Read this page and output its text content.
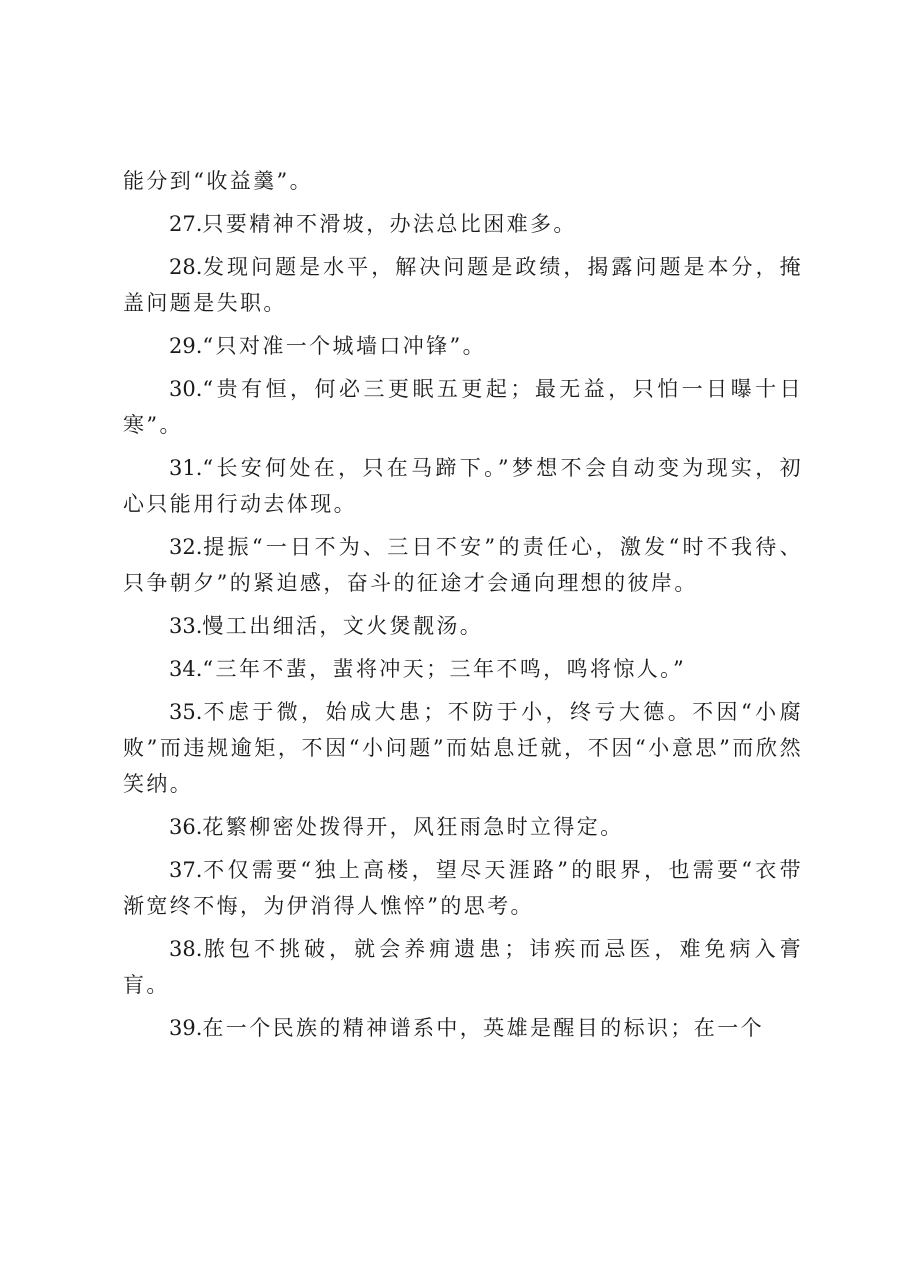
能分到“收益羹”。

27.只要精神不滑坡，办法总比困难多。

28.发现问题是水平，解决问题是政绩，揭露问题是本分，掩盖问题是失职。

29.“只对准一个城墙口冲锋”。

30.“贵有恒，何必三更眠五更起；最无益，只怕一日曝十日寒”。

31.“长安何处在，只在马蹄下。”梦想不会自动变为现实，初心只能用行动去体现。

32.提振“一日不为、三日不安”的责任心，激发“时不我待、只争朝夕”的紧迫感，奋斗的征途才会通向理想的彼岸。

33.慢工出细活，文火煲靓汤。

34.“三年不蜚，蜚将冲天；三年不鸣，鸣将惊人。”

35.不虑于微，始成大患；不防于小，终亏大德。不因“小腐败”而违规逾矩，不因“小问题”而姑息迁就，不因“小意思”而欣然笑纳。

36.花繁柳密处拨得开，风狂雨急时立得定。

37.不仅需要“独上高楼，望尽天涯路”的眼界，也需要“衣带渐宽终不悔，为伊消得人憔悴”的思考。

38.脓包不挑破，就会养痈遗患；讳疾而忌医，难免病入膏肓。

39.在一个民族的精神谱系中，英雄是醒目的标识；在一个
